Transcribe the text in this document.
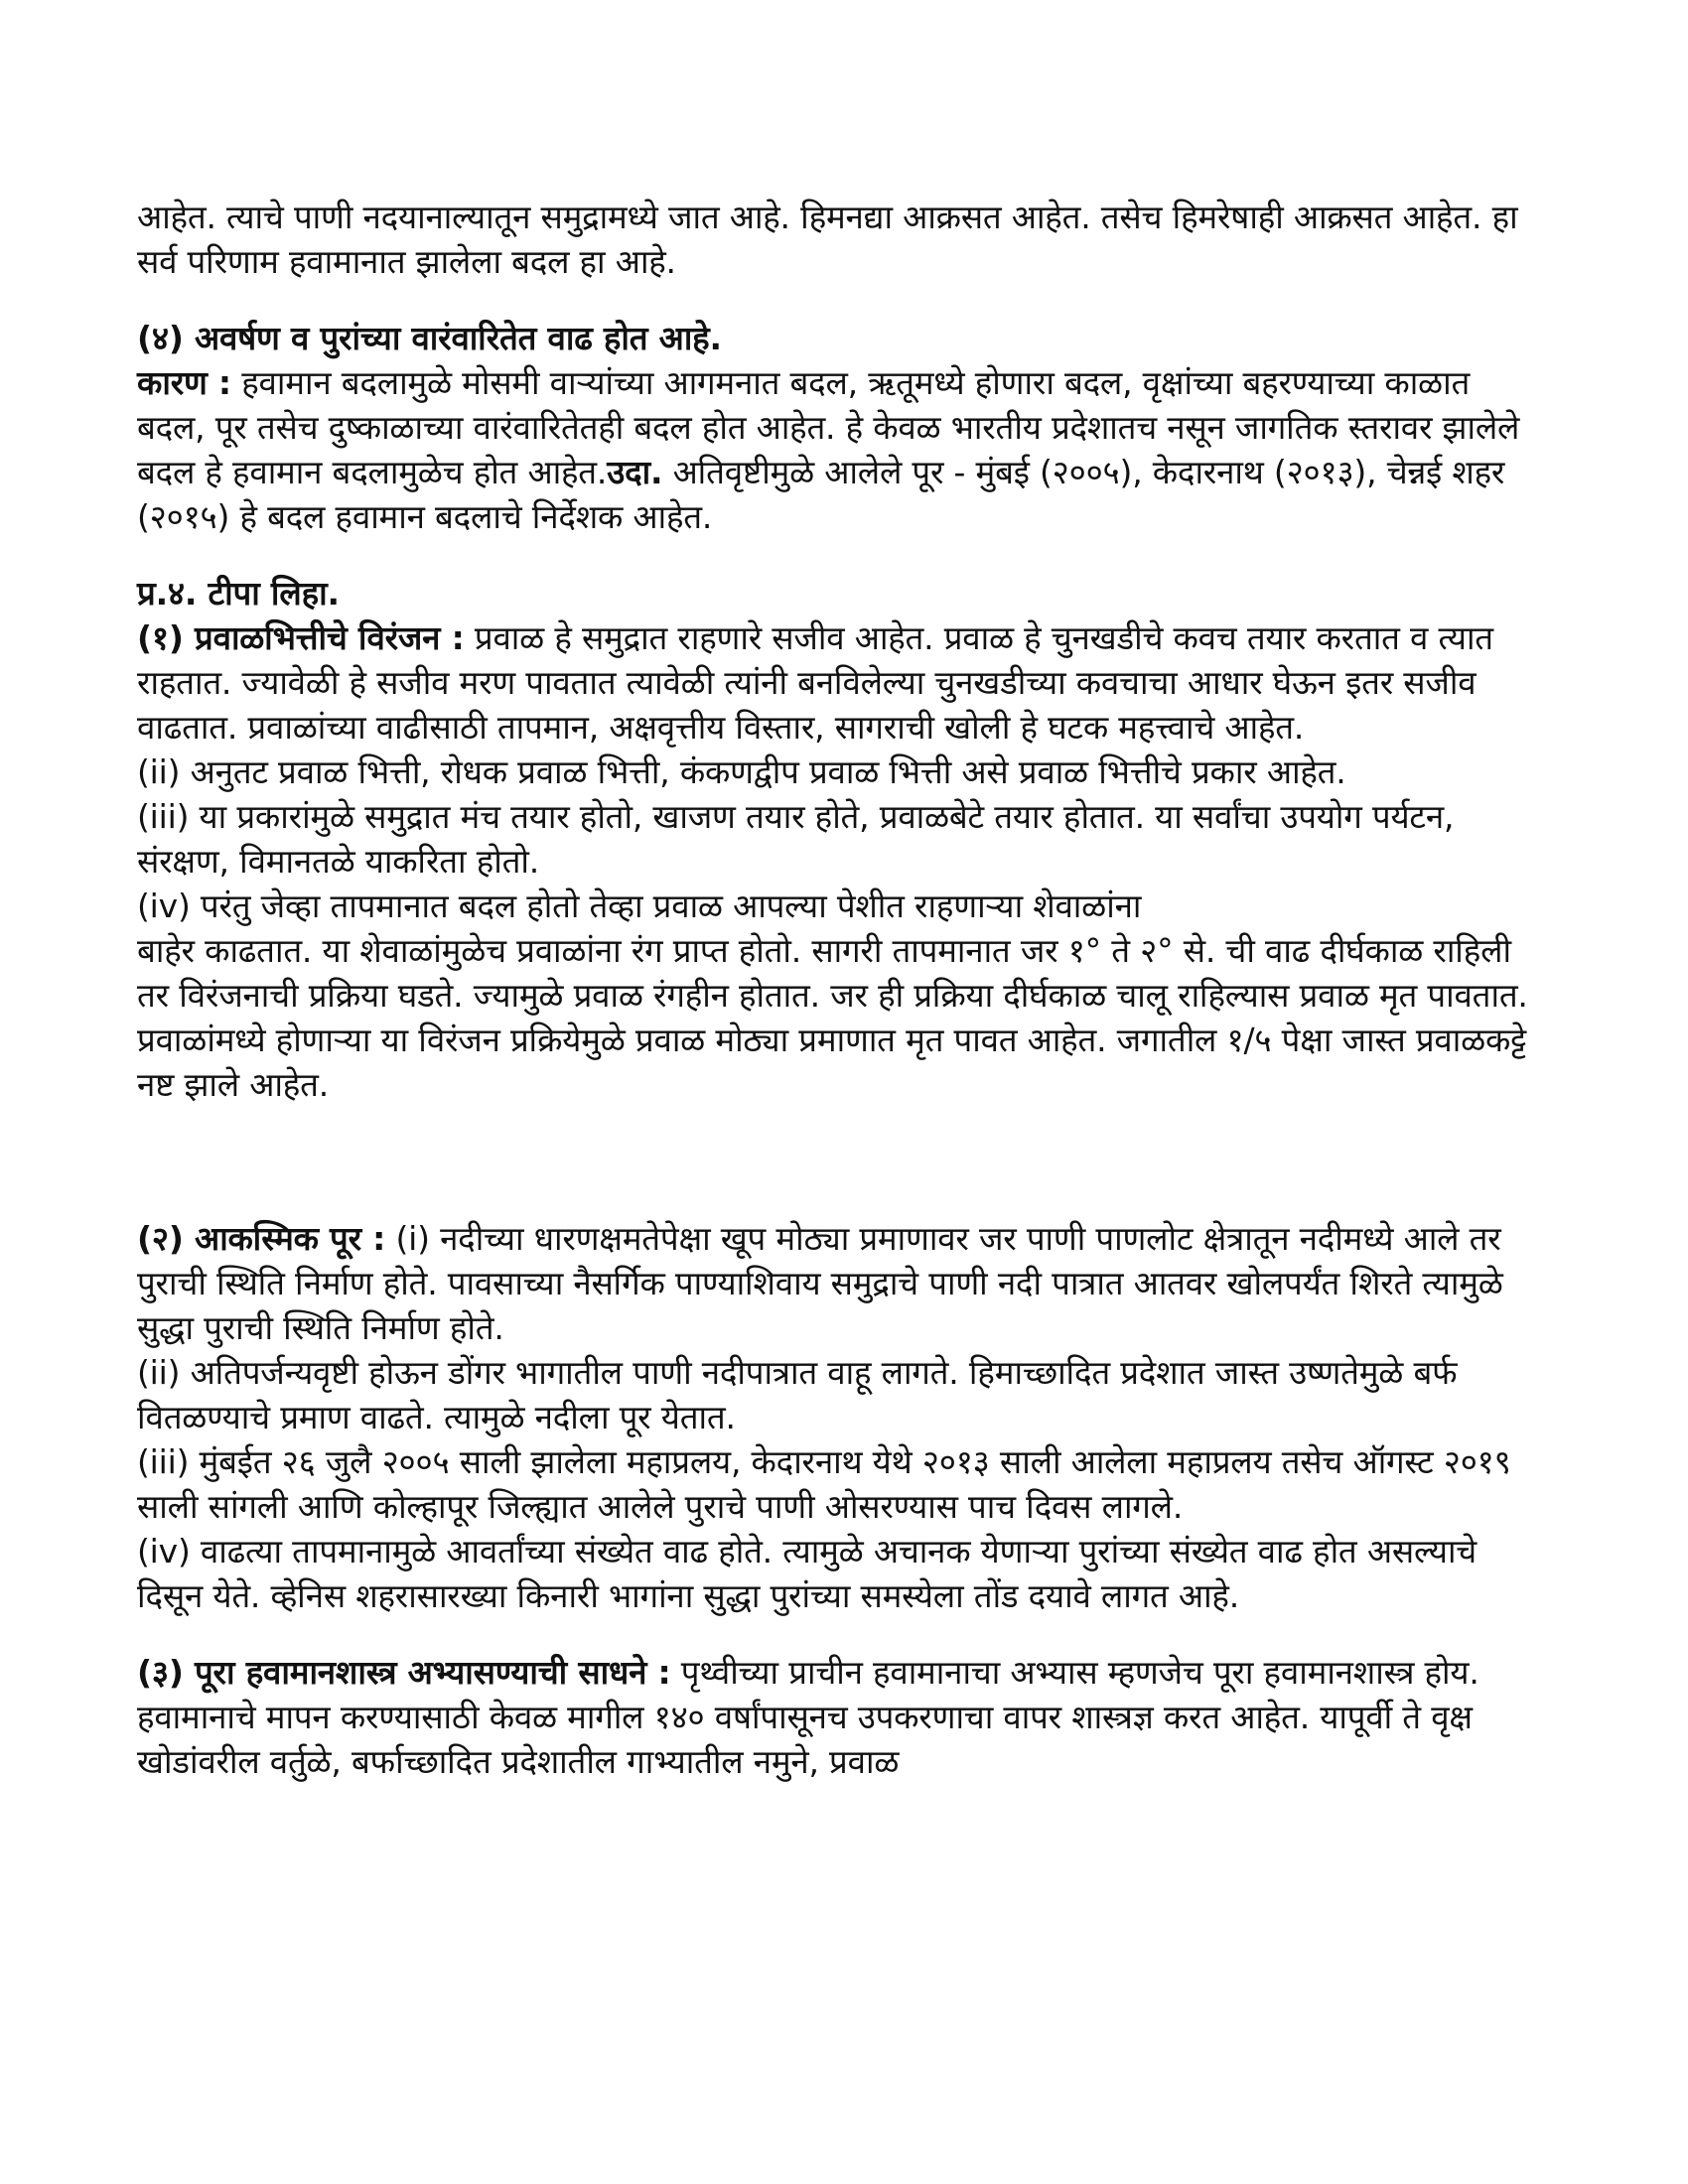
आहेत. त्याचे पाणी नदयानाल्यातून समुद्रामध्ये जात आहे. हिमनद्या आक्रसत आहेत. तसेच हिमरेषाही आक्रसत आहेत. हा सर्व परिणाम हवामानात झालेला बदल हा आहे.

(४) अवर्षण व पुरांच्या वारंवारितेत वाढ होत आहे.

कारण : हवामान बदलामुळे मोसमी वाऱ्यांच्या आगमनात बदल, ऋतूमध्ये होणारा बदल, वृक्षांच्या बहरण्याच्या काळात बदल, पूर तसेच दुष्काळाच्या वारंवारितेतही बदल होत आहेत. हे केवळ भारतीय प्रदेशातच नसून जागतिक स्तरावर झालेले बदल हे हवामान बदलामुळेच होत आहेत.उदा. अतिवृष्टीमुळे आलेले पूर - मुंबई (२००५), केदारनाथ (२०१३), चेन्नई शहर (२०१५) हे बदल हवामान बदलाचे निर्देशक आहेत.

प्र.४. टीपा लिहा.

(१) प्रवाळभित्तीचे विरंजन : प्रवाळ हे समुद्रात राहणारे सजीव आहेत. प्रवाळ हे चुनखडीचे कवच तयार करतात व त्यात राहतात. ज्यावेळी हे सजीव मरण पावतात त्यावेळी त्यांनी बनविलेल्या चुनखडीच्या कवचाचा आधार घेऊन इतर सजीव वाढतात. प्रवाळांच्या वाढीसाठी तापमान, अक्षवृत्तीय विस्तार, सागराची खोली हे घटक महत्त्वाचे आहेत.

(ii) अनुतट प्रवाळ भित्ती, रोधक प्रवाळ भित्ती, कंकणद्वीप प्रवाळ भित्ती असे प्रवाळ भित्तीचे प्रकार आहेत.

(iii) या प्रकारांमुळे समुद्रात मंच तयार होतो, खाजण तयार होते, प्रवाळबेटे तयार होतात. या सर्वांचा उपयोग पर्यटन, संरक्षण, विमानतळे याकरिता होतो.

(iv) परंतु जेव्हा तापमानात बदल होतो तेव्हा प्रवाळ आपल्या पेशीत राहणाऱ्या शेवाळांना

बाहेर काढतात. या शेवाळांमुळेच प्रवाळांना रंग प्राप्त होतो. सागरी तापमानात जर १° ते २° से. ची वाढ दीर्घकाळ राहिली तर विरंजनाची प्रक्रिया घडते. ज्यामुळे प्रवाळ रंगहीन होतात. जर ही प्रक्रिया दीर्घकाळ चालू राहिल्यास प्रवाळ मृत पावतात. प्रवाळांमध्ये होणाऱ्या या विरंजन प्रक्रियेमुळे प्रवाळ मोठ्या प्रमाणात मृत पावत आहेत. जगातील १/५ पेक्षा जास्त प्रवाळकट्टे नष्ट झाले आहेत.

(२) आकस्मिक पूर : (i) नदीच्या धारणक्षमतेपेक्षा खूप मोठ्या प्रमाणावर जर पाणी पाणलोट क्षेत्रातून नदीमध्ये आले तर पुराची स्थिति निर्माण होते. पावसाच्या नैसर्गिक पाण्याशिवाय समुद्राचे पाणी नदी पात्रात आतवर खोलपर्यंत शिरते त्यामुळे सुद्धा पुराची स्थिति निर्माण होते.

(ii) अतिपर्जन्यवृष्टी होऊन डोंगर भागातील पाणी नदीपात्रात वाहू लागते. हिमाच्छादित प्रदेशात जास्त उष्णतेमुळे बर्फ वितळण्याचे प्रमाण वाढते. त्यामुळे नदीला पूर येतात.

(iii) मुंबईत २६ जुलै २००५ साली झालेला महाप्रलय, केदारनाथ येथे २०१३ साली आलेला महाप्रलय तसेच ऑगस्ट २०१९ साली सांगली आणि कोल्हापूर जिल्ह्यात आलेले पुराचे पाणी ओसरण्यास पाच दिवस लागले.

(iv) वाढत्या तापमानामुळे आवर्तांच्या संख्येत वाढ होते. त्यामुळे अचानक येणाऱ्या पुरांच्या संख्येत वाढ होत असल्याचे दिसून येते. व्हेनिस शहरासारख्या किनारी भागांना सुद्धा पुरांच्या समस्येला तोंड दयावे लागत आहे.

(३) पूरा हवामानशास्त्र अभ्यासण्याची साधने : पृथ्वीच्या प्राचीन हवामानाचा अभ्यास म्हणजेच पूरा हवामानशास्त्र होय. हवामानाचे मापन करण्यासाठी केवळ मागील १४० वर्षांपासूनच उपकरणाचा वापर शास्त्रज्ञ करत आहेत. यापूर्वी ते वृक्ष खोडांवरील वर्तुळे, बर्फाच्छादित प्रदेशातील गाभ्यातील नमुने, प्रवाळ
